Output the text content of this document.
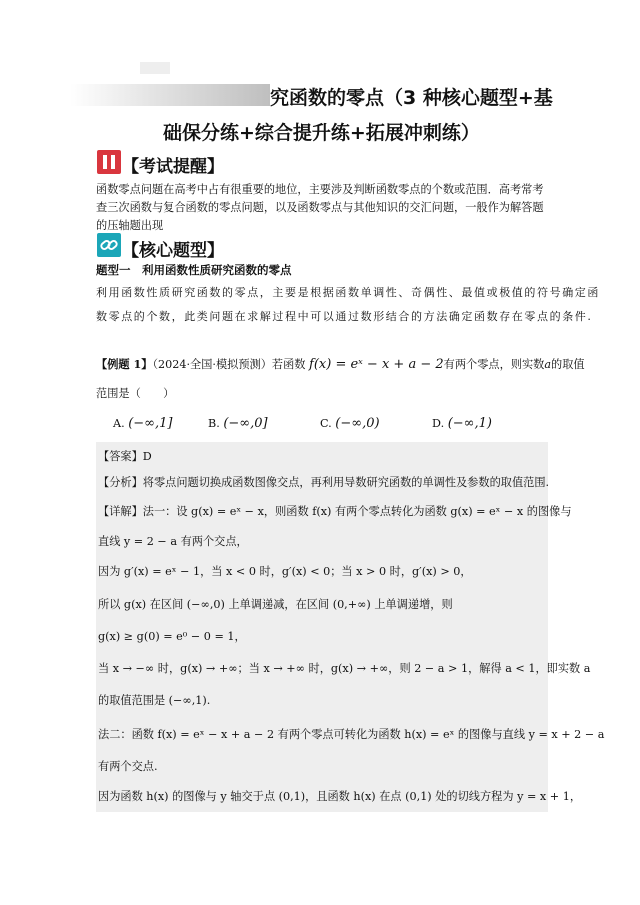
究函数的零点（3 种核心题型+基
础保分练+综合提升练+拓展冲刺练）
【考试提醒】
函数零点问题在高考中占有很重要的地位，主要涉及判断函数零点的个数或范围．高考常考
查三次函数与复合函数的零点问题，以及函数零点与其他知识的交汇问题，一般作为解答题
的压轴题出现
【核心题型】
题型一　利用函数性质研究函数的零点
利用函数性质研究函数的零点，主要是根据函数单调性、奇偶性、最值或极值的符号确定函
数零点的个数，此类问题在求解过程中可以通过数形结合的方法确定函数存在零点的条件.
【例题 1】（2024·全国·模拟预测）若函数 f(x) = eˣ − x + a − 2有两个零点，则实数a的取值
范围是（　　）
A. (−∞,1]	B. (−∞,0]	C. (−∞,0)	D. (−∞,1)
【答案】D
【分析】将零点问题切换成函数图像交点，再利用导数研究函数的单调性及参数的取值范围.
【详解】法一：设 g(x) = eˣ − x，则函数 f(x) 有两个零点转化为函数 g(x) = eˣ − x 的图像与
直线 y = 2 − a 有两个交点，
因为 g′(x) = eˣ − 1，当 x < 0 时，g′(x) < 0；当 x > 0 时，g′(x) > 0，
所以 g(x) 在区间 (−∞,0) 上单调递减，在区间 (0,+∞) 上单调递增，则
g(x) ≥ g(0) = e⁰ − 0 = 1，
当 x → −∞ 时，g(x) → +∞；当 x → +∞ 时，g(x) → +∞，则 2 − a > 1，解得 a < 1，即实数 a
的取值范围是 (−∞,1).
法二：函数 f(x) = eˣ − x + a − 2 有两个零点可转化为函数 h(x) = eˣ 的图像与直线 y = x + 2 − a
有两个交点.
因为函数 h(x) 的图像与 y 轴交于点 (0,1)，且函数 h(x) 在点 (0,1) 处的切线方程为 y = x + 1，
